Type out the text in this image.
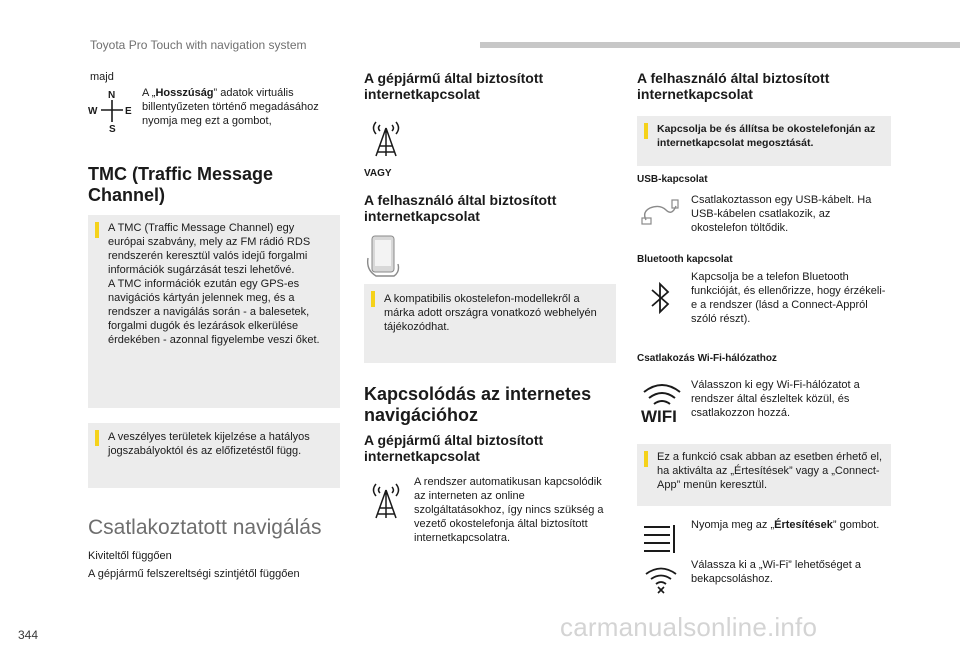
Toyota Pro Touch with navigation system
majd
N
W	E
S
A „Hosszúság” adatok virtuális billentyűzeten történő megadásához nyomja meg ezt a gombot,
TMC (Traffic Message Channel)
A TMC (Traffic Message Channel) egy európai szabvány, mely az FM rádió RDS rendszerén keresztül valós idejű forgalmi információk sugárzását teszi lehetővé.
A TMC információk ezután egy GPS-es navigációs kártyán jelennek meg, és a rendszer a navigálás során - a balesetek, forgalmi dugók és lezárások elkerülése érdekében - azonnal figyelembe veszi őket.
A veszélyes területek kijelzése a hatályos jogszabályoktól és az előfizetéstől függ.
Csatlakoztatott navigálás
Kiviteltől függően
A gépjármű felszereltségi szintjétől függően
A gépjármű által biztosított internetkapcsolat
VAGY
A felhasználó által biztosított internetkapcsolat
A kompatibilis okostelefon-modellekről a márka adott országra vonatkozó webhelyén tájékozódhat.
Kapcsolódás az internetes navigációhoz
A gépjármű által biztosított internetkapcsolat
A rendszer automatikusan kapcsolódik az interneten az online szolgáltatásokhoz, így nincs szükség a vezető okostelefonja által biztosított internetkapcsolatra.
A felhasználó által biztosított internetkapcsolat
Kapcsolja be és állítsa be okostelefonján az internetkapcsolat megosztását.
USB-kapcsolat
Csatlakoztasson egy USB-kábelt. Ha USB-kábelen csatlakozik, az okostelefon töltődik.
Bluetooth kapcsolat
Kapcsolja be a telefon Bluetooth funkcióját, és ellenőrizze, hogy érzékeli-e a rendszer (lásd a Connect-Appról szóló részt).
Csatlakozás Wi-Fi-hálózathoz
WIFI
Válasszon ki egy Wi-Fi-hálózatot a rendszer által észleltek közül, és csatlakozzon hozzá.
Ez a funkció csak abban az esetben érhető el, ha aktiválta az „Értesítések” vagy a „Connect-App” menün keresztül.
Nyomja meg az „Értesítések” gombot.
Válassza ki a „Wi-Fi” lehetőséget a bekapcsoláshoz.
344	carmanualsonline.info
